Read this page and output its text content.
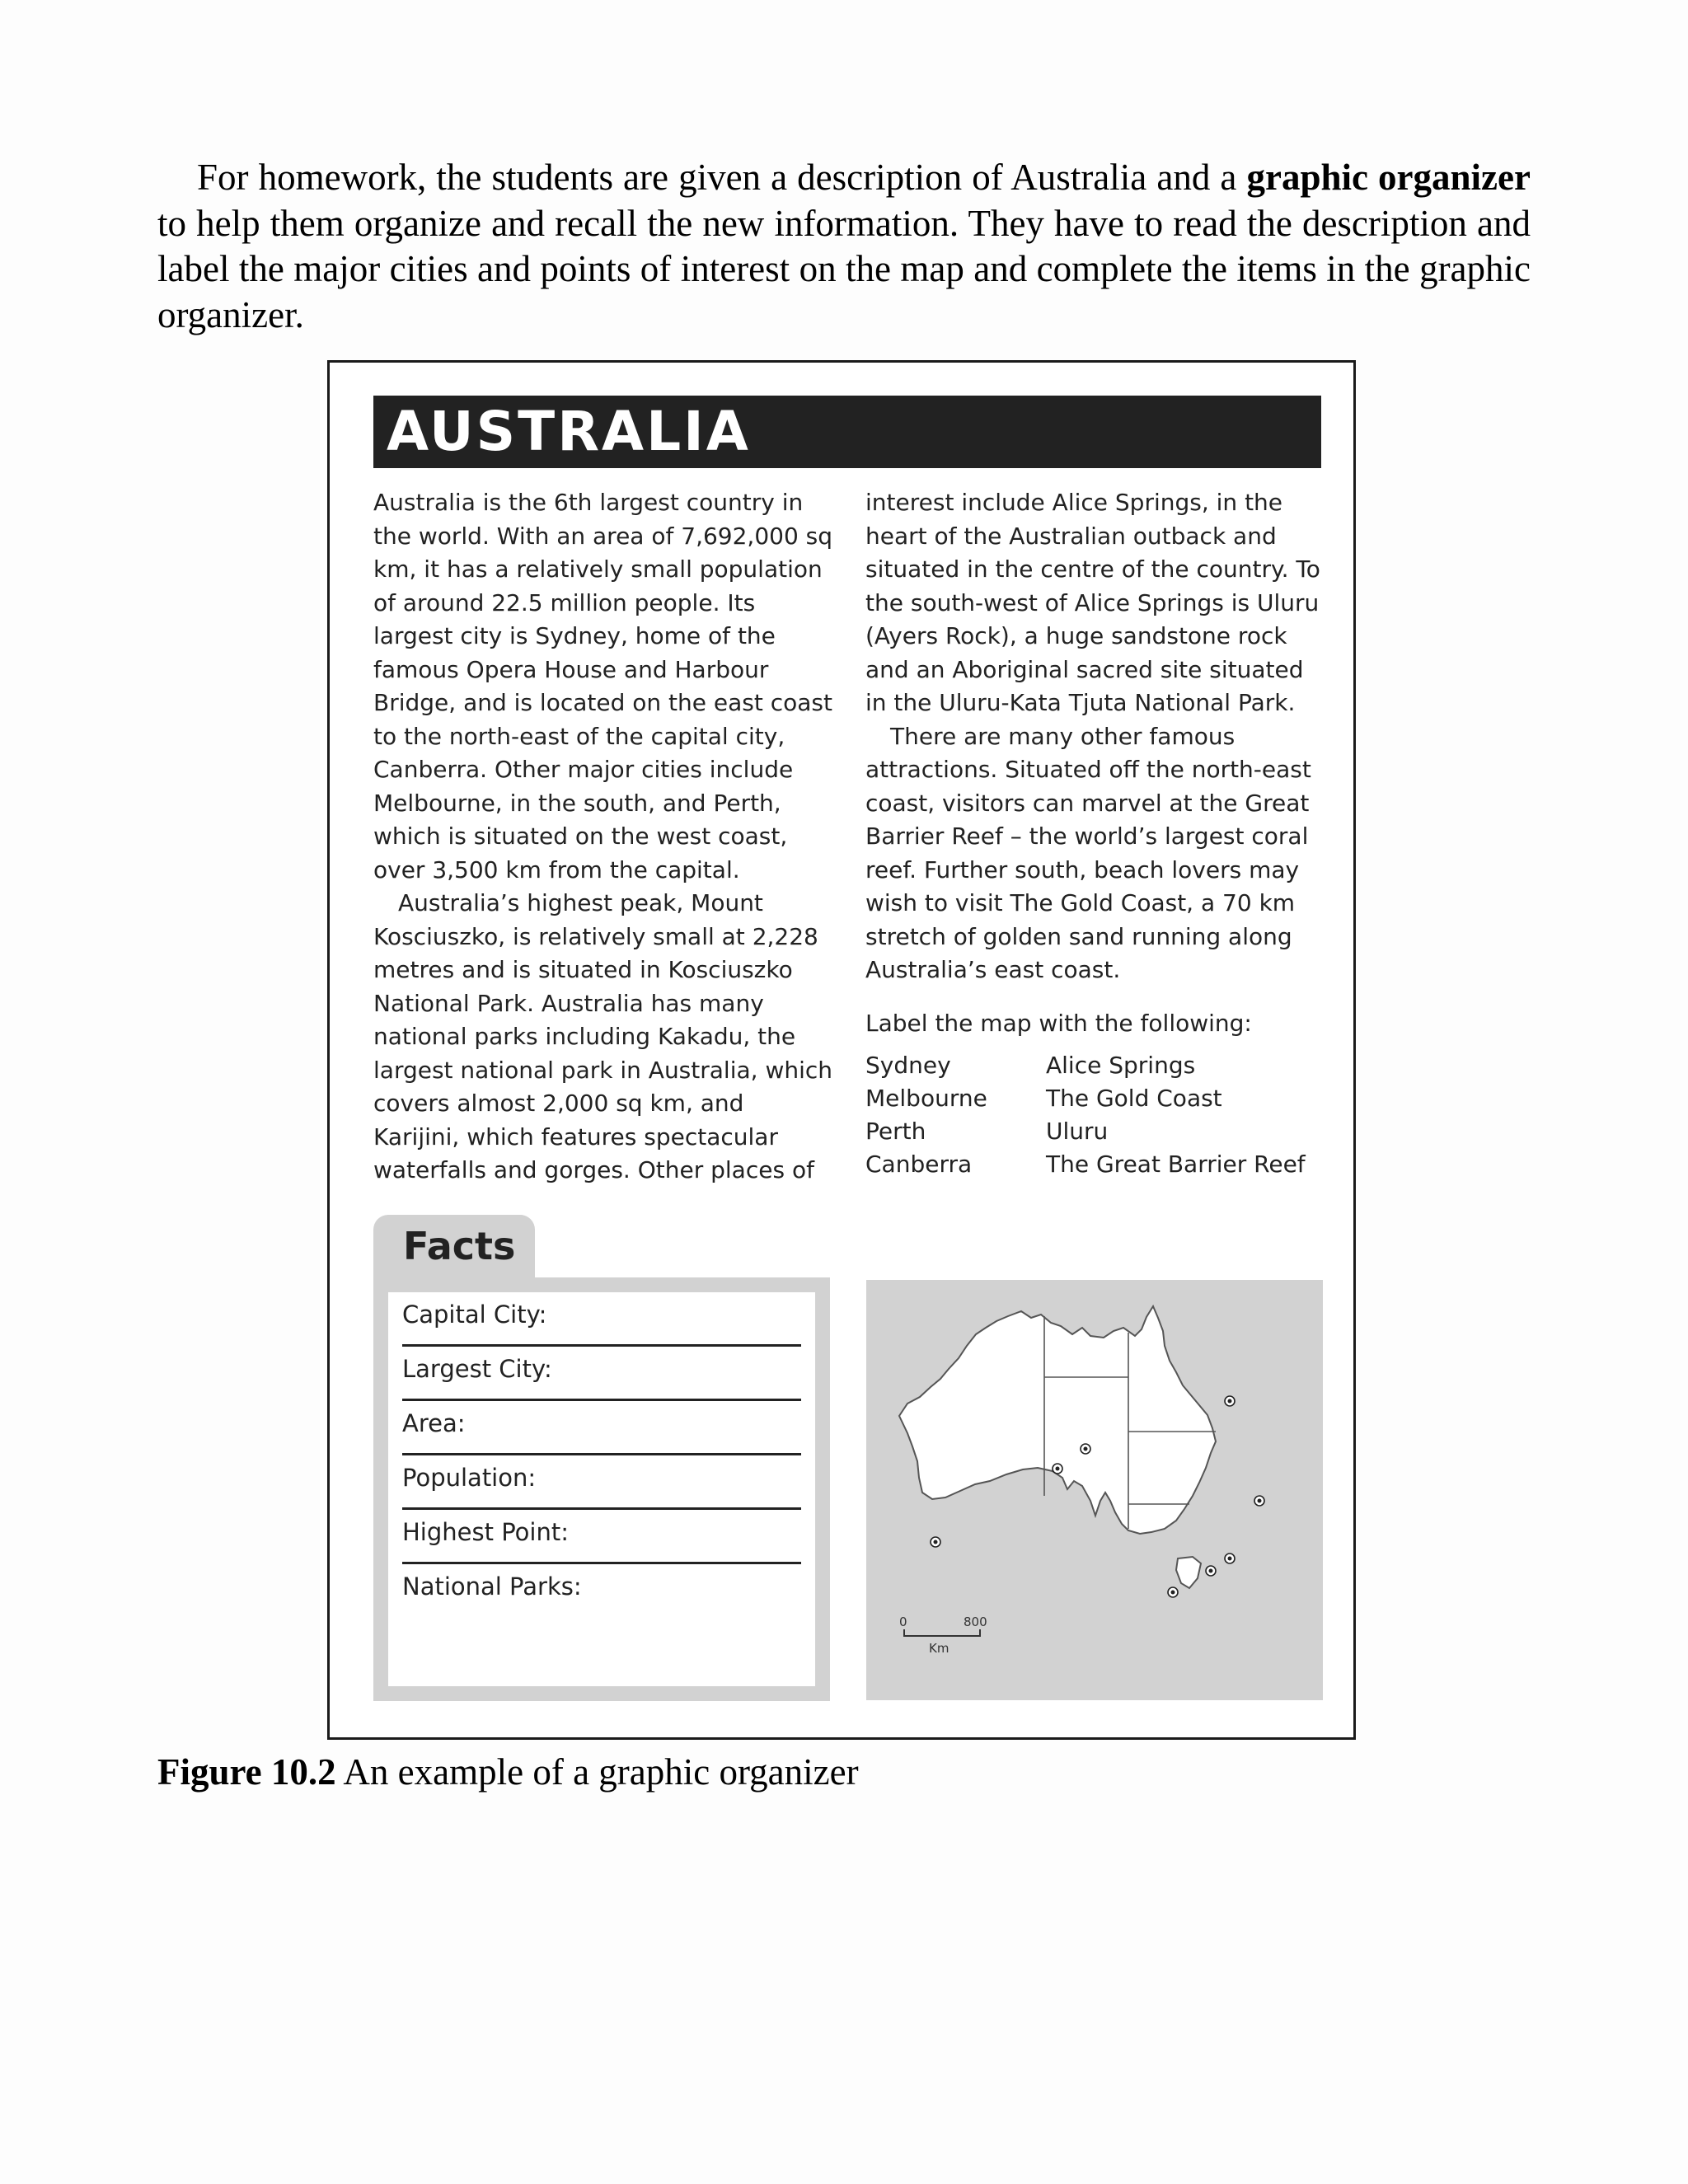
For homework, the students are given a description of Australia and a graphic organizer to help them organize and recall the new information. They have to read the description and label the major cities and points of interest on the map and complete the items in the graphic organizer.

AUSTRALIA

Australia is the 6th largest country in the world. With an area of 7,692,000 sq km, it has a relatively small population of around 22.5 million people. Its largest city is Sydney, home of the famous Opera House and Harbour Bridge, and is located on the east coast to the north-east of the capital city, Canberra. Other major cities include Melbourne, in the south, and Perth, which is situated on the west coast, over 3,500 km from the capital.

Australia’s highest peak, Mount Kosciuszko, is relatively small at 2,228 metres and is situated in Kosciuszko National Park. Australia has many national parks including Kakadu, the largest national park in Australia, which covers almost 2,000 sq km, and Karijini, which features spectacular waterfalls and gorges. Other places of

interest include Alice Springs, in the heart of the Australian outback and situated in the centre of the country. To the south-west of Alice Springs is Uluru (Ayers Rock), a huge sandstone rock and an Aboriginal sacred site situated in the Uluru-Kata Tjuta National Park.

There are many other famous attractions. Situated off the north-east coast, visitors can marvel at the Great Barrier Reef – the world’s largest coral reef. Further south, beach lovers may wish to visit The Gold Coast, a 70 km stretch of golden sand running along Australia’s east coast.

Label the map with the following:
Sydney
Melbourne
Perth
Canberra
Alice Springs
The Gold Coast
Uluru
The Great Barrier Reef
Facts
Capital City:
Largest City:
Area:
Population:
Highest Point:
National Parks:
0	800
Km
Figure 10.2 An example of a graphic organizer
